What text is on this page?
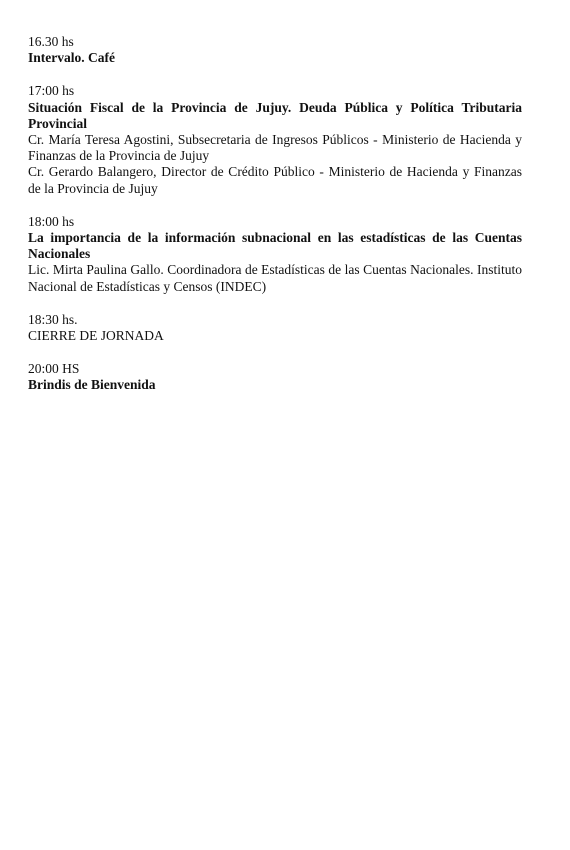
16.30 hs

Intervalo. Café

17:00 hs

Situación Fiscal de la Provincia de Jujuy. Deuda Pública y Política Tributaria Provincial

Cr. María Teresa Agostini, Subsecretaria de Ingresos Públicos - Ministerio de Hacienda y Finanzas de la Provincia de Jujuy

Cr. Gerardo Balangero, Director de Crédito Público - Ministerio de Hacienda y Finanzas de la Provincia de Jujuy

18:00 hs

La importancia de la información subnacional en las estadísticas de las Cuentas Nacionales

Lic. Mirta Paulina Gallo. Coordinadora de Estadísticas de las Cuentas Nacionales. Instituto Nacional de Estadísticas y Censos (INDEC)

18:30 hs.

CIERRE DE JORNADA

20:00 HS

Brindis de Bienvenida
